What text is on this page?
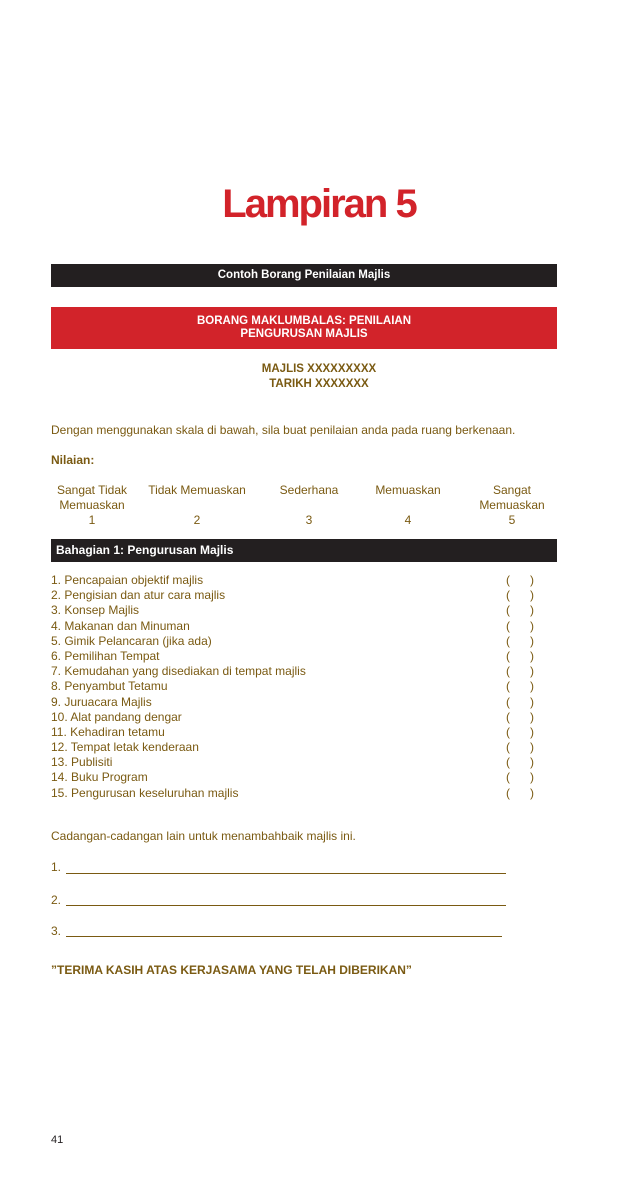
Lampiran 5
Contoh Borang Penilaian Majlis
BORANG MAKLUMBALAS: PENILAIAN
PENGURUSAN MAJLIS
MAJLIS XXXXXXXXX
TARIKH XXXXXXX
Dengan menggunakan skala di bawah, sila buat penilaian anda pada ruang berkenaan.
Nilaian:
Sangat Tidak
Memuaskan
1
Tidak Memuaskan
2
Sederhana
3
Memuaskan
4
Sangat
Memuaskan
5
Bahagian 1: Pengurusan Majlis
1. Pencapaian objektif majlis	( )
2. Pengisian dan atur cara majlis	( )
3. Konsep Majlis	( )
4. Makanan dan Minuman	( )
5. Gimik Pelancaran (jika ada)	( )
6. Pemilihan Tempat	( )
7. Kemudahan yang disediakan di tempat majlis	( )
8. Penyambut Tetamu	( )
9. Juruacara Majlis	( )
10. Alat pandang dengar	( )
11. Kehadiran tetamu	( )
12. Tempat letak kenderaan	( )
13. Publisiti	( )
14. Buku Program	( )
15. Pengurusan keseluruhan majlis	( )
Cadangan-cadangan lain untuk menambahbaik majlis ini.
1.
2.
3.
”TERIMA KASIH ATAS KERJASAMA YANG TELAH DIBERIKAN”
41
